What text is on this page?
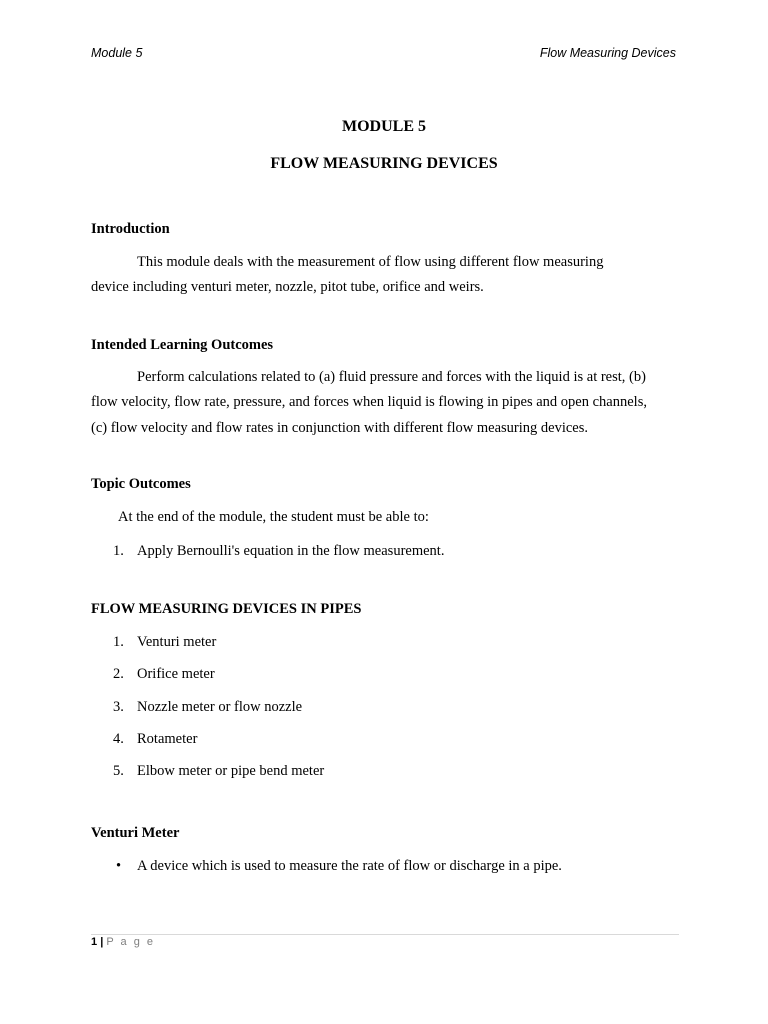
Module 5	Flow Measuring Devices
MODULE 5
FLOW MEASURING DEVICES
Introduction
This module deals with the measurement of flow using different flow measuring
device including venturi meter, nozzle, pitot tube, orifice and weirs.
Intended Learning Outcomes
Perform calculations related to (a) fluid pressure and forces with the liquid is at rest, (b)
flow velocity, flow rate, pressure, and forces when liquid is flowing in pipes and open channels,
(c) flow velocity and flow rates in conjunction with different flow measuring devices.
Topic Outcomes
At the end of the module, the student must be able to:
1. Apply Bernoulli's equation in the flow measurement.
FLOW MEASURING DEVICES IN PIPES
1. Venturi meter
2. Orifice meter
3. Nozzle meter or flow nozzle
4. Rotameter
5. Elbow meter or pipe bend meter
Venturi Meter
• A device which is used to measure the rate of flow or discharge in a pipe.
1 | P a g e
